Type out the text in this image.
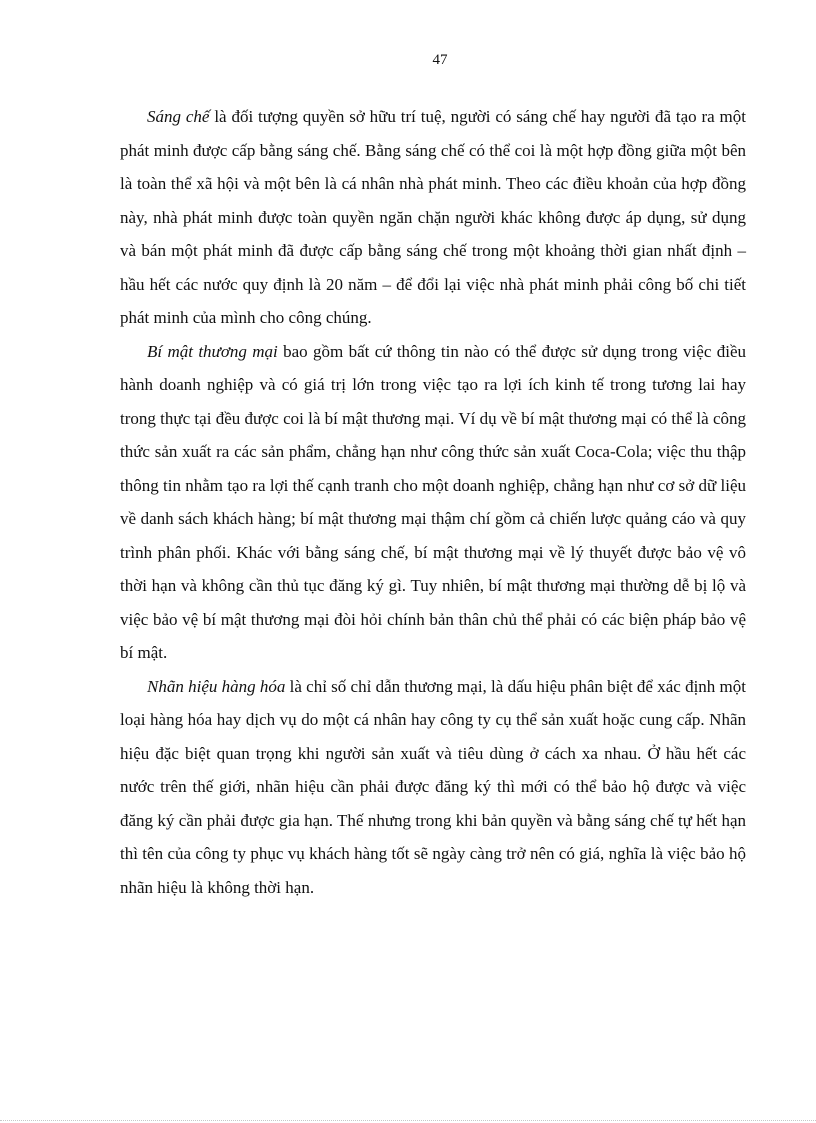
47

Sáng chế là đối tượng quyền sở hữu trí tuệ, người có sáng chế hay người đã tạo ra một phát minh được cấp bằng sáng chế. Bằng sáng chế có thể coi là một hợp đồng giữa một bên là toàn thể xã hội và một bên là cá nhân nhà phát minh. Theo các điều khoản của hợp đồng này, nhà phát minh được toàn quyền ngăn chặn người khác không được áp dụng, sử dụng và bán một phát minh đã được cấp bằng sáng chế trong một khoảng thời gian nhất định – hầu hết các nước quy định là 20 năm – để đổi lại việc nhà phát minh phải công bố chi tiết phát minh của mình cho công chúng.

Bí mật thương mại bao gồm bất cứ thông tin nào có thể được sử dụng trong việc điều hành doanh nghiệp và có giá trị lớn trong việc tạo ra lợi ích kinh tế trong tương lai hay trong thực tại đều được coi là bí mật thương mại. Ví dụ về bí mật thương mại có thể là công thức sản xuất ra các sản phẩm, chẳng hạn như công thức sản xuất Coca-Cola; việc thu thập thông tin nhằm tạo ra lợi thế cạnh tranh cho một doanh nghiệp, chẳng hạn như cơ sở dữ liệu về danh sách khách hàng; bí mật thương mại thậm chí gồm cả chiến lược quảng cáo và quy trình phân phối. Khác với bằng sáng chế, bí mật thương mại về lý thuyết được bảo vệ vô thời hạn và không cần thủ tục đăng ký gì. Tuy nhiên, bí mật thương mại thường dễ bị lộ và việc bảo vệ bí mật thương mại đòi hỏi chính bản thân chủ thể phải có các biện pháp bảo vệ bí mật.

Nhãn hiệu hàng hóa là chỉ số chỉ dẫn thương mại, là dấu hiệu phân biệt để xác định một loại hàng hóa hay dịch vụ do một cá nhân hay công ty cụ thể sản xuất hoặc cung cấp. Nhãn hiệu đặc biệt quan trọng khi người sản xuất và tiêu dùng ở cách xa nhau. Ở hầu hết các nước trên thế giới, nhãn hiệu cần phải được đăng ký thì mới có thể bảo hộ được và việc đăng ký cần phải được gia hạn. Thế nhưng trong khi bản quyền và bằng sáng chế tự hết hạn thì tên của công ty phục vụ khách hàng tốt sẽ ngày càng trở nên có giá, nghĩa là việc bảo hộ nhãn hiệu là không thời hạn.
